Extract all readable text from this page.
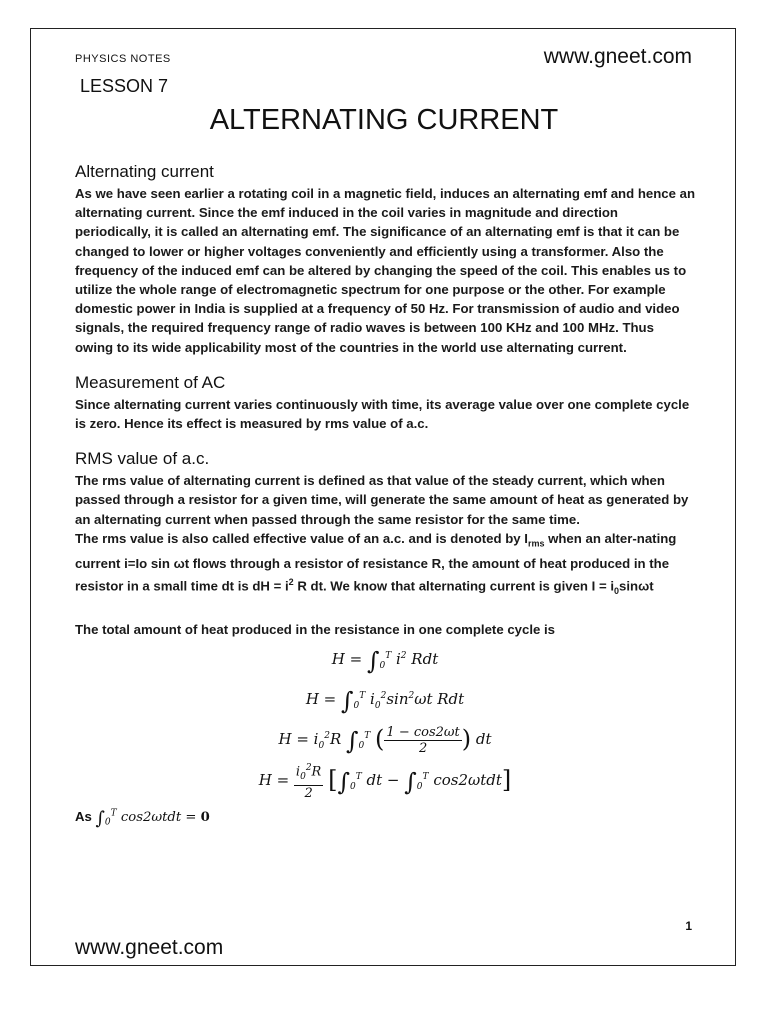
PHYSICS NOTES	www.gneet.com
LESSON 7
ALTERNATING CURRENT
Alternating current

As we have seen earlier a rotating coil in a magnetic field, induces an alternating emf and hence an alternating current. Since the emf induced in the coil varies in magnitude and direction periodically, it is called an alternating emf. The significance of an alternating emf is that it can be changed to lower or higher voltages conveniently and efficiently using a transformer. Also the frequency of the induced emf can be altered by changing the speed of the coil. This enables us to utilize the whole range of electromagnetic spectrum for one purpose or the other. For example domestic power in India is supplied at a frequency of 50 Hz. For transmission of audio and video signals, the required frequency range of radio waves is between 100 KHz and 100 MHz. Thus owing to its wide applicability most of the countries in the world use alternating current.

Measurement of AC

Since alternating current varies continuously with time, its average value over one complete cycle is zero. Hence its effect is measured by rms value of a.c.

RMS value of a.c.

The rms value of alternating current is defined as that value of the steady current, which when passed through a resistor for a given time, will generate the same amount of heat as generated by an alternating current when passed through the same resistor for the same time.

The rms value is also called effective value of an a.c. and is denoted by $I_{rms}$ when an alter-nating current i=Io sin ωt flows through a resistor of resistance R, the amount of heat produced in the resistor in a small time dt is dH = $i^2$ R dt. We know that alternating current is given $I = i_0\sin\omega t$

The total amount of heat produced in the resistance in one complete cycle is

$H = \int_0^T$ $i^2$ Rdt
$H = \int_0^T$ $i_0^2\sin^2\omega t$ Rdt
$H = i_0^2R$ $\int_0^T$ ( $\frac{1 - \cos 2\omega t}{2}$ ) dt
$H = \frac{i_0^2R}{2} [\int_0^T$ dt − $\int_0^T$ cos2ωtdt]
As $\int_0^T$ cos2ωtdt = 0
1
www.gneet.com
